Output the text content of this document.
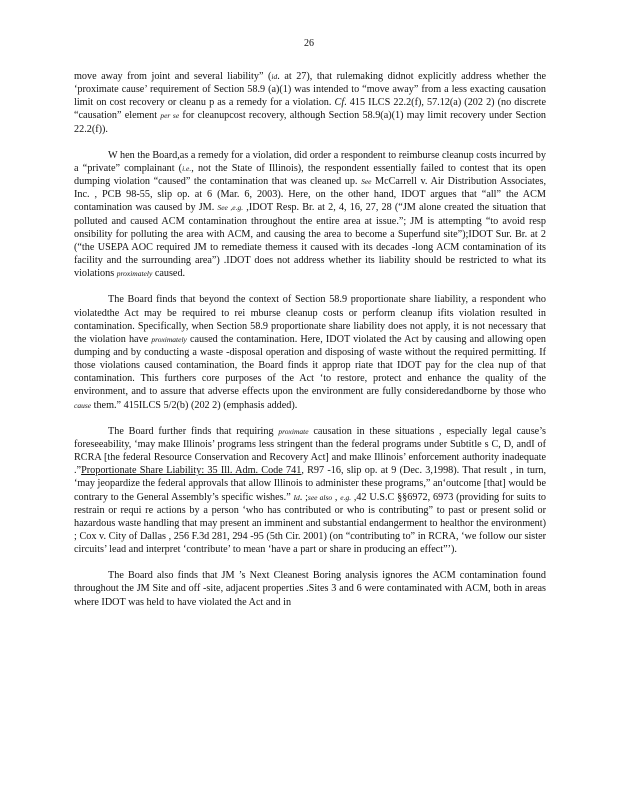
26

move away from joint and several liability” (id. at 27), that rulemaking didnot explicitly address whether the ‘proximate cause’ requirement of Section 58.9 (a)(1) was intended to “move away” from a less exacting causation limit on cost recovery or cleanu p as a remedy for a violation. Cf. 415 ILCS 22.2(f), 57.12(a) (202 2) (no discrete “causation” element per se for cleanupcost recovery, although Section 58.9(a)(1) may limit recovery under Section 22.2(f)).

W hen the Board,as a remedy for a violation, did order a respondent to reimburse cleanup costs incurred by a “private” complainant (i.e., not the State of Illinois), the respondent essentially failed to contest that its open dumping violation “caused” the contamination that was cleaned up. See McCarrell v. Air Distribution Associates, Inc. , PCB 98-55, slip op. at 6 (Mar. 6, 2003). Here, on the other hand, IDOT argues that “all” the ACM contamination was caused by JM. See ,e.g. ,IDOT Resp. Br. at 2, 4, 16, 27, 28 (“JM alone created the situation that polluted and caused ACM contamination throughout the entire area at issue.”; JM is attempting “to avoid resp onsibility for polluting the area with ACM, and causing the area to become a Superfund site”);IDOT Sur. Br. at 2 (“the USEPA AOC required JM to remediate themess it caused with its decades -long ACM contamination of its facility and the surrounding area”) .IDOT does not address whether its liability should be restricted to what its violations proximately caused.

The Board finds that beyond the context of Section 58.9 proportionate share liability, a respondent who violatedthe Act may be required to rei mburse cleanup costs or perform cleanup ifits violation resulted in contamination. Specifically, when Section 58.9 proportionate share liability does not apply, it is not necessary that the violation have proximately caused the contamination. Here, IDOT violated the Act by causing and allowing open dumping and by conducting a waste -disposal operation and disposing of waste without the required permitting. If those violations caused contamination, the Board finds it approp riate that IDOT pay for the clea nup of that contamination. This furthers core purposes of the Act ‘to restore, protect and enhance the quality of the environment, and to assure that adverse effects upon the environment are fully consideredandborne by those who cause them.” 415ILCS 5/2(b) (202 2) (emphasis added).

The Board further finds that requiring proximate causation in these situations , especially legal cause’s foreseeability, ‘may make Illinois’ programs less stringent than the federal programs under Subtitle s C, D, andI of RCRA [the federal Resource Conservation and Recovery Act] and make Illinois’ enforcement authority inadequate .”Proportionate Share Liability: 35 Ill. Adm. Code 741, R97 -16, slip op. at 9 (Dec. 3,1998). That result , in turn, ‘may jeopardize the federal approvals that allow Illinois to administer these programs,” an‘outcome [that] would be contrary to the General Assembly’s specific wishes.” Id. ;see also , e.g. ,42 U.S.C §§6972, 6973 (providing for suits to restrain or requi re actions by a person ‘who has contributed or who is contributing” to past or present solid or hazardous waste handling that may present an imminent and substantial endangerment to healthor the environment) ; Cox v. City of Dallas , 256 F.3d 281, 294 -95 (5th Cir. 2001) (on “contributing to” in RCRA, ‘we follow our sister circuits’ lead and interpret ‘contribute’ to mean ‘have a part or share in producing an effect”’).

The Board also finds that JM ’s Next Cleanest Boring analysis ignores the ACM contamination found throughout the JM Site and off -site, adjacent properties .Sites 3 and 6 were contaminated with ACM, both in areas where IDOT was held to have violated the Act and in
